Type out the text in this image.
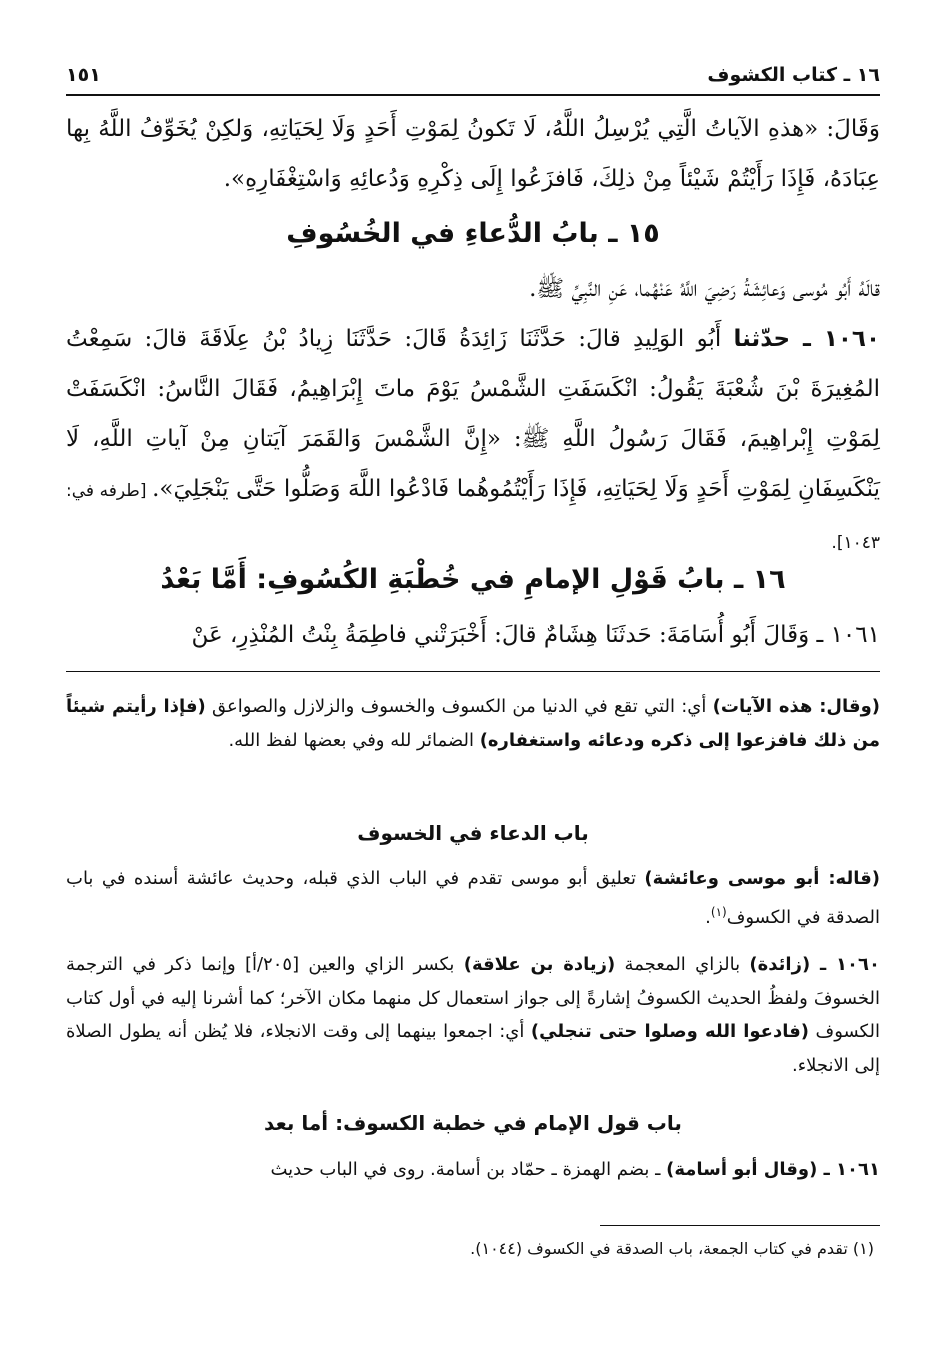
١٦ ـ كتاب الكشوف
١٥١
وَقَالَ: «هذهِ الآياتُ الَّتِي يُرْسِلُ اللَّهُ، لَا تَكونُ لِمَوْتِ أَحَدٍ وَلَا لِحَيَاتِهِ، وَلكِنْ يُخَوِّفُ اللَّهُ بِها عِبَادَهُ، فَإِذَا رَأَيْتُمْ شَيْئاً مِنْ ذلِكَ، فَافزَعُوا إِلَى ذِكْرِهِ وَدُعائِهِ وَاسْتِغْفَارِهِ».
١٥ ـ بابُ الدُّعاءِ في الخُسُوفِ
قالَهُ أَبُو مُوسى وَعائِشَةُ رَضِيَ اللَّهُ عَنْهُما، عَنِ النَّبِيِّ ﷺ.
١٠٦٠ ـ حدّثنا أَبُو الوَلِيدِ قالَ: حَدَّثَنَا زَائِدَةُ قَالَ: حَدَّثَنَا زِيادُ بْنُ عِلَاقَةَ قالَ: سَمِعْتُ المُغِيرَةَ بْنَ شُعْبَةَ يَقُولُ: انْكَسَفَتِ الشَّمْسُ يَوْمَ ماتَ إِبْرَاهِيمُ، فَقَالَ النَّاسُ: انْكَسَفَتْ لِمَوْتِ إِبْراهِيمَ، فَقَالَ رَسُولُ اللَّهِ ﷺ: «إِنَّ الشَّمْسَ وَالقَمَرَ آيَتانِ مِنْ آياتِ اللَّهِ، لَا يَنْكَسِفَانِ لِمَوْتِ أَحَدٍ وَلَا لِحَيَاتِهِ، فَإِذَا رَأَيْتُمُوهُما فَادْعُوا اللَّهَ وَصَلُّوا حَتَّى يَنْجَلِيَ». [طرفه في: ١٠٤٣].
١٦ ـ بابُ قَوْلِ الإمامِ في خُطْبَةِ الكُسُوفِ: أَمَّا بَعْدُ
١٠٦١ ـ وَقَالَ أَبُو أُسَامَةَ: حَدثَنَا هِشَامٌ قالَ: أَخْبَرَتْني فاطِمَةُ بِنْتُ المُنْذِرِ، عَنْ
(وقال: هذه الآيات) أي: التي تقع في الدنيا من الكسوف والخسوف والزلازل والصواعق (فإذا رأيتم شيئاً من ذلك فافزعوا إلى ذكره ودعائه واستغفاره) الضمائر لله وفي بعضها لفظ الله.
باب الدعاء في الخسوف
(قاله: أبو موسى وعائشة) تعليق أبو موسى تقدم في الباب الذي قبله، وحديث عائشة أسنده في باب الصدقة في الكسوف$^{(١)}$.
١٠٦٠ ـ (زائدة) بالزاي المعجمة (زيادة بن علاقة) بكسر الزاي والعين [٢٠٥/أ] وإنما ذكر في الترجمة الخسوفَ ولفظُ الحديث الكسوفُ إشارةً إلى جواز استعمال كل منهما مكان الآخر؛ كما أشرنا إليه في أول كتاب الكسوف (فادعوا الله وصلوا حتى تنجلي) أي: اجمعوا بينهما إلى وقت الانجلاء، فلا يُظن أنه يطول الصلاة إلى الانجلاء.
باب قول الإمام في خطبة الكسوف: أما بعد
١٠٦١ ـ (وقال أبو أسامة) ـ بضم الهمزة ـ حمّاد بن أسامة. روى في الباب حديث
(١) تقدم في كتاب الجمعة، باب الصدقة في الكسوف (١٠٤٤).
